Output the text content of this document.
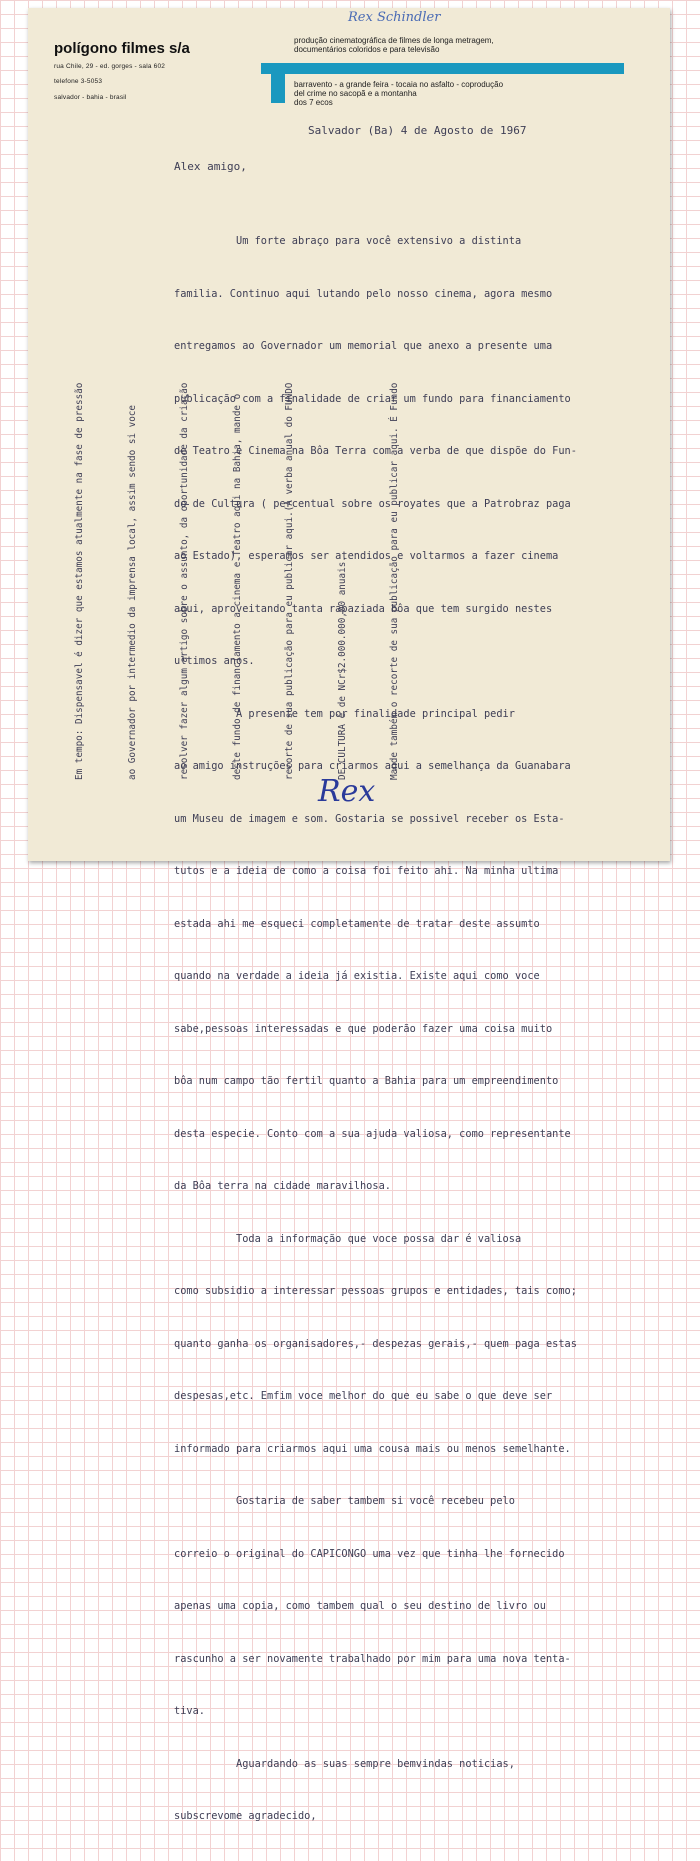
Rex Schindler
polígono filmes s/a
rua Chile, 29 - ed. gorges - sala 602
telefone 3-5053
salvador - bahia - brasil
produção cinematográfica de filmes de longa metragem,
documentários coloridos e para televisão
barravento - a grande feira - tocaia no asfalto - coprodução
del crime no sacopã e a montanha
dos 7 ecos
Salvador (Ba) 4 de Agosto de 1967
Alex amigo,

Um forte abraço para você extensivo a distinta

familia. Continuo aqui lutando pelo nosso cinema, agora mesmo

entregamos ao Governador um memorial que anexo a presente uma

publicação com a finalidade de criar um fundo para financiamento

de Teatro e Cinema na Bôa Terra com a verba de que dispõe do Fun-

do de Cultura ( percentual sobre os royates que a Patrobraz paga

ao Estado), esperamos ser atendidos e voltarmos a fazer cinema

aqui, aproveitando tanta rapaziada bôa que tem surgido nestes

ultimos anos.

A presente tem por finalidade principal pedir

ao amigo instruções para criarmos aqui a semelhança da Guanabara

um Museu de imagem e som. Gostaria se possivel receber os Esta-

tutos e a ideia de como a coisa foi feito ahi. Na minha ultima

estada ahi me esqueci completamente de tratar deste assumto

quando na verdade a ideia já existia. Existe aqui como voce

sabe,pessoas interessadas e que poderão fazer uma coisa muito

bôa num campo tão fertil quanto a Bahia para um empreendimento

desta especie. Conto com a sua ajuda valiosa, como representante

da Bôa terra na cidade maravilhosa.

Toda a informação que voce possa dar é valiosa

como subsidio a interessar pessoas grupos e entidades, tais como;

quanto ganha os organisadores,- despezas gerais,- quem paga estas

despesas,etc. Emfim voce melhor do que eu sabe o que deve ser

informado para criarmos aqui uma cousa mais ou menos semelhante.

Gostaria de saber tambem si você recebeu pelo

correio o original do CAPICONGO uma vez que tinha lhe fornecido

apenas uma copia, como tambem qual o seu destino de livro ou

rascunho a ser novamente trabalhado por mim para uma nova tenta-

tiva.

Aguardando as suas sempre bemvindas noticias,

subscrevome agradecido,

Rex

Em tempo: Dispensavel é dizer que estamos atualmente na fase de pressão

	ao Governador por intermedio da imprensa local, assim sendo si voce

	resolver fazer algum artigo sobre o assunto, da oportunidade da criação

	deste fundo de financiamento a cinema e Teatro aqui na Bahia, mande o

	recorte de sua publicação para eu publicar aqui.(A verba anual do FUNDO

	DE CULTURA é de NCr$2.000.000,00 anuais.

	Mande também o recorte de sua publicação para eu publicar aqui. É Fundo
